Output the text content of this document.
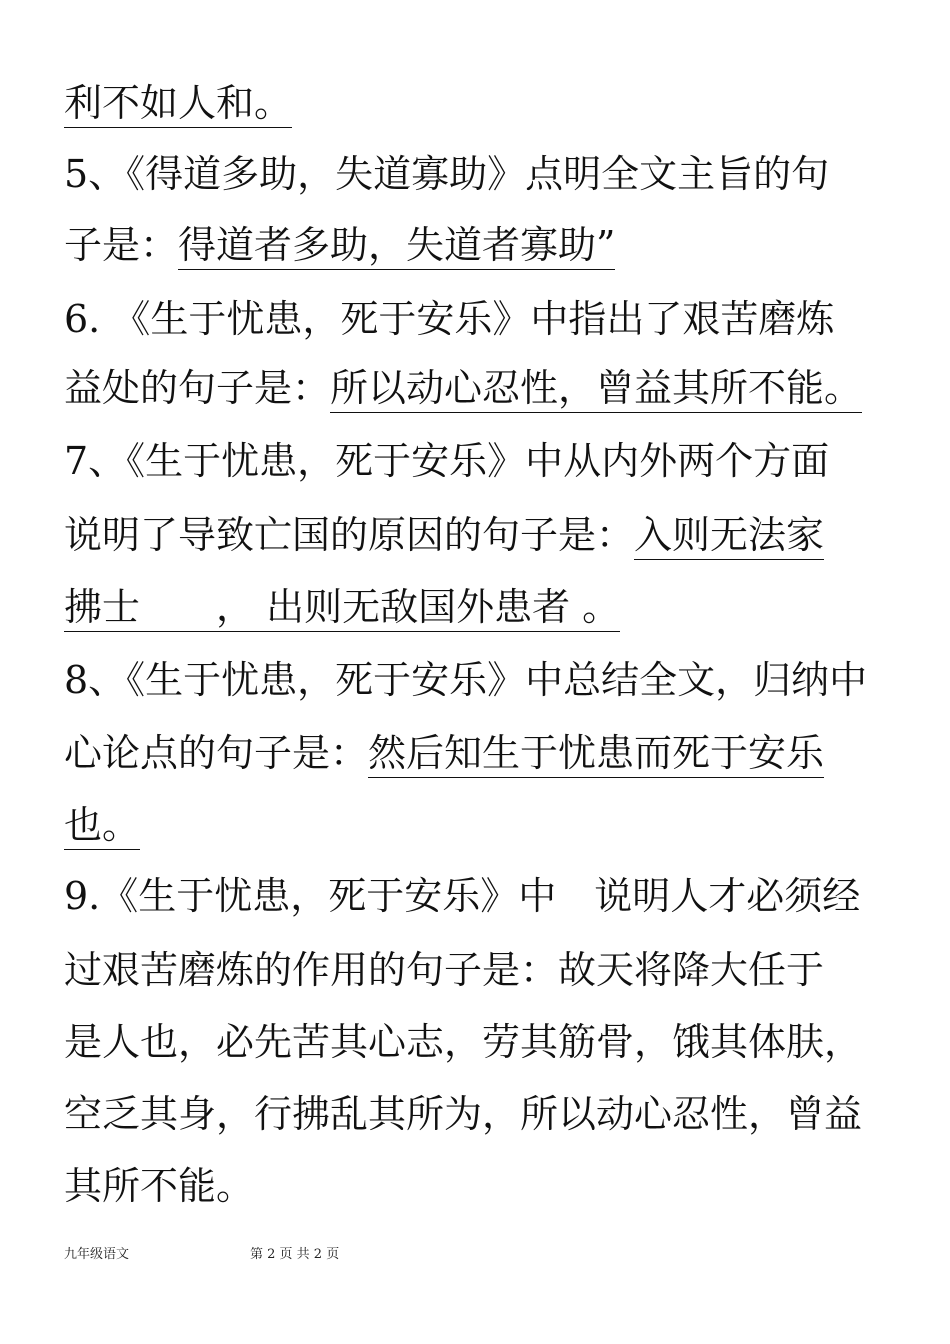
利不如人和。
5、《得道多助，失道寡助》点明全文主旨的句
子是：得道者多助，失道者寡助”
6. 《生于忧患，死于安乐》中指出了艰苦磨炼
益处的句子是：所以动心忍性，曾益其所不能。
7、《生于忧患，死于安乐》中从内外两个方面
说明了导致亡国的原因的句子是：入则无法家
拂士　　， 出则无敌国外患者 。
8、《生于忧患，死于安乐》中总结全文，归纳中
心论点的句子是：然后知生于忧患而死于安乐
也。
9.《生于忧患，死于安乐》中　说明人才必须经
过艰苦磨炼的作用的句子是：故天将降大任于
是人也，必先苦其心志，劳其筋骨，饿其体肤，
空乏其身，行拂乱其所为，所以动心忍性，曾益
其所不能。
九年级语文	第 2 页 共 2 页
